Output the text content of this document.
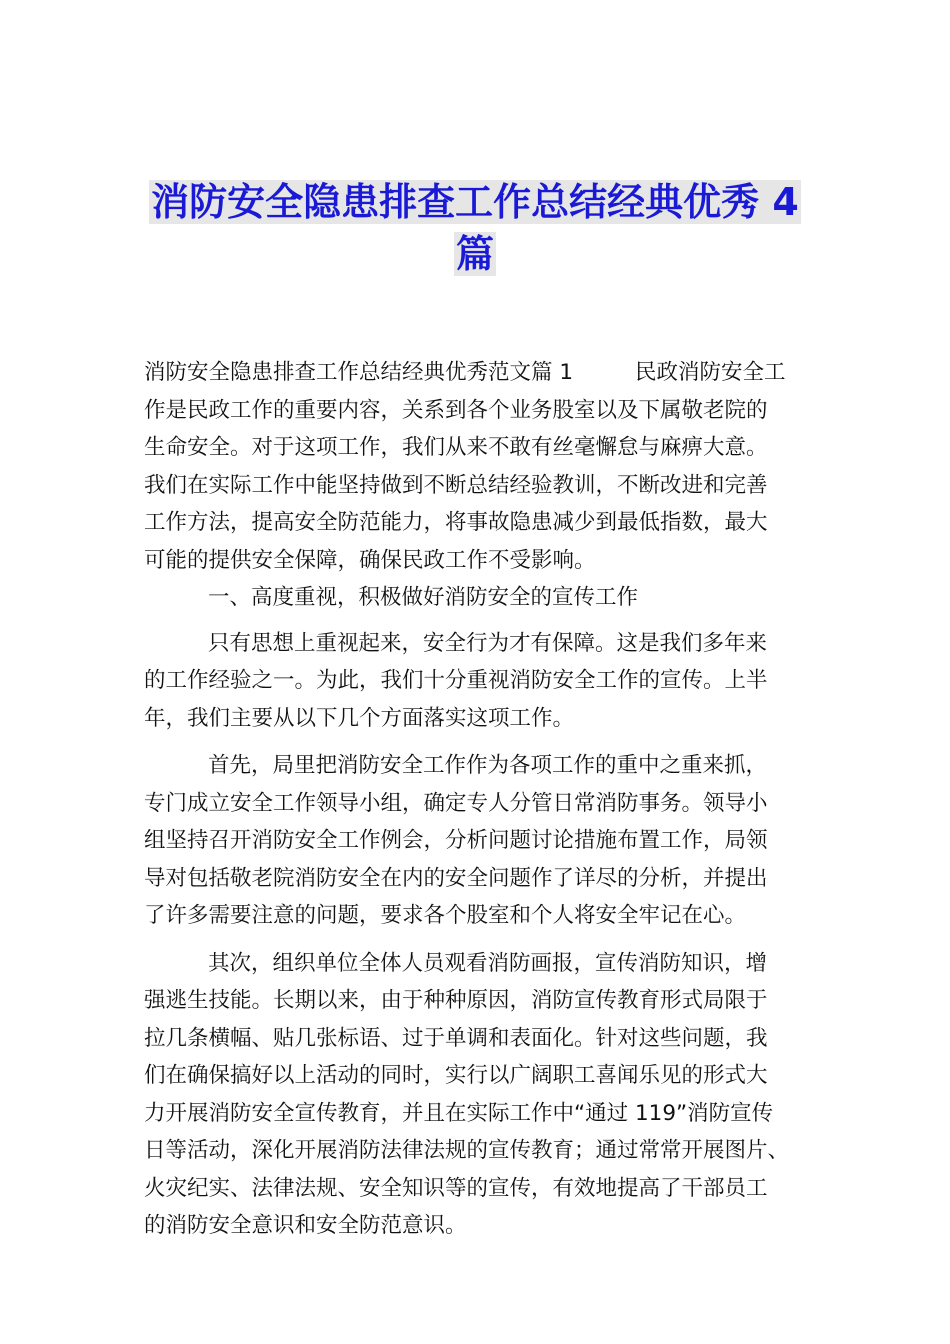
消防安全隐患排查工作总结经典优秀 4
篇
消防安全隐患排查工作总结经典优秀范文篇 1	民政消防安全工
作是民政工作的重要内容，关系到各个业务股室以及下属敬老院的
生命安全。对于这项工作，我们从来不敢有丝毫懈怠与麻痹大意。
我们在实际工作中能坚持做到不断总结经验教训，不断改进和完善
工作方法，提高安全防范能力，将事故隐患减少到最低指数，最大
可能的提供安全保障，确保民政工作不受影响。
一、高度重视，积极做好消防安全的宣传工作
只有思想上重视起来，安全行为才有保障。这是我们多年来
的工作经验之一。为此，我们十分重视消防安全工作的宣传。上半
年，我们主要从以下几个方面落实这项工作。
首先，局里把消防安全工作作为各项工作的重中之重来抓，
专门成立安全工作领导小组，确定专人分管日常消防事务。领导小
组坚持召开消防安全工作例会，分析问题讨论措施布置工作，局领
导对包括敬老院消防安全在内的安全问题作了详尽的分析，并提出
了许多需要注意的问题，要求各个股室和个人将安全牢记在心。
其次，组织单位全体人员观看消防画报，宣传消防知识，增
强逃生技能。长期以来，由于种种原因，消防宣传教育形式局限于
拉几条横幅、贴几张标语、过于单调和表面化。针对这些问题，我
们在确保搞好以上活动的同时，实行以广阔职工喜闻乐见的形式大
力开展消防安全宣传教育，并且在实际工作中“通过 119”消防宣传
日等活动，深化开展消防法律法规的宣传教育；通过常常开展图片、
火灾纪实、法律法规、安全知识等的宣传，有效地提高了干部员工
的消防安全意识和安全防范意识。
